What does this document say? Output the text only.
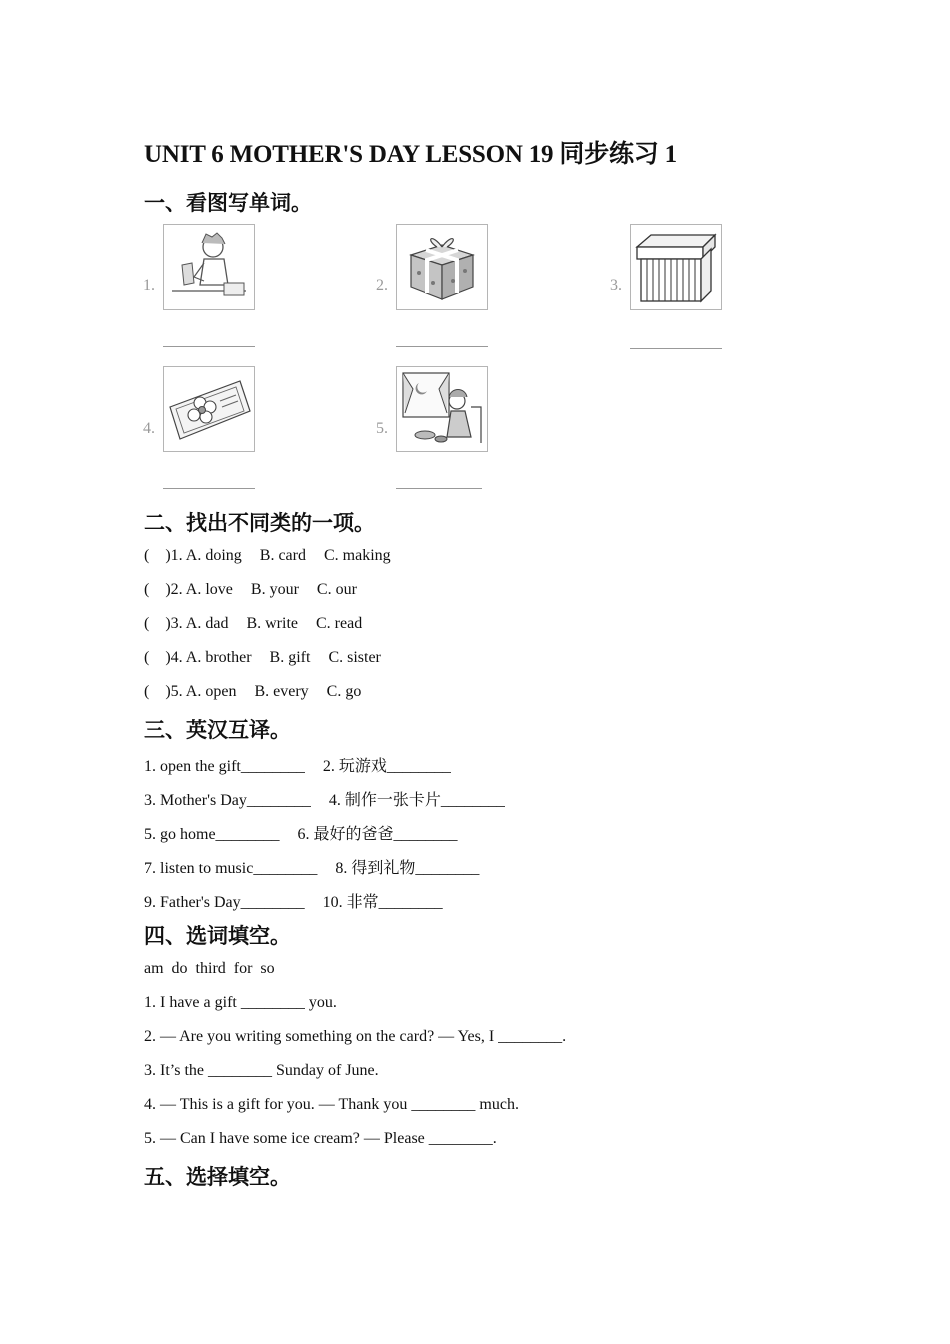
UNIT 6 MOTHER'S DAY LESSON 19 同步练习 1
一、看图写单词。
1.	2.	3.
4.	5.
二、找出不同类的一项。
(    )1. A. doing B. card C. making
(    )2. A. love B. your C. our
(    )3. A. dad B. write C. read
(    )4. A. brother B. gift C. sister
(    )5. A. open B. every C. go
三、英汉互译。
1. open the gift________ 2. 玩游戏________
3. Mother's Day________ 4. 制作一张卡片________
5. go home________ 6. 最好的爸爸________
7. listen to music________ 8. 得到礼物________
9. Father's Day________ 10. 非常________
四、选词填空。
am  do  third  for  so
1. I have a gift ________ you.
2. — Are you writing something on the card? — Yes, I ________.
3. It’s the ________ Sunday of June.
4. — This is a gift for you. — Thank you ________ much.
5. — Can I have some ice cream? — Please ________.
五、选择填空。
